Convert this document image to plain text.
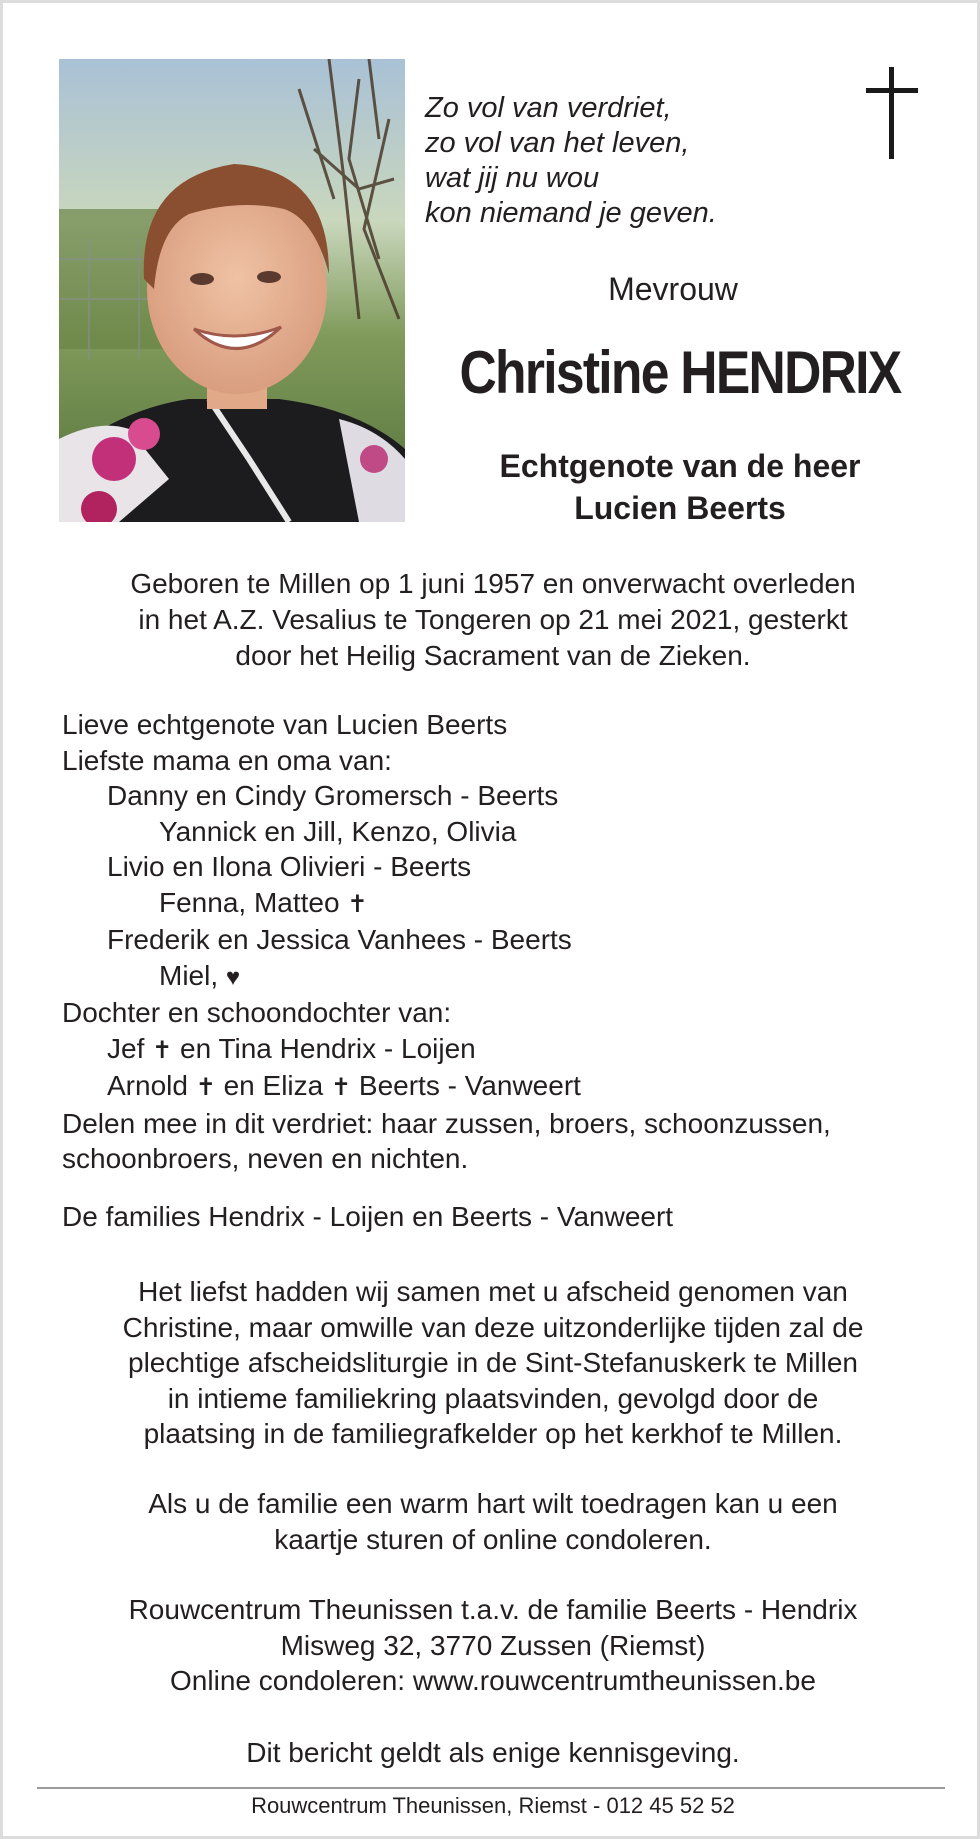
Zo vol van verdriet,
zo vol van het leven,
wat jij nu wou
kon niemand je geven.
Mevrouw
Christine HENDRIX
Echtgenote van de heer
Lucien Beerts
Geboren te Millen op 1 juni 1957 en onverwacht overleden
in het A.Z. Vesalius te Tongeren op 21 mei 2021, gesterkt
door het Heilig Sacrament van de Zieken.
Lieve echtgenote van Lucien Beerts
Liefste mama en oma van:
Danny en Cindy Gromersch - Beerts
Yannick en Jill, Kenzo, Olivia
Livio en Ilona Olivieri - Beerts
Fenna, Matteo ✝
Frederik en Jessica Vanhees - Beerts
Miel, ♥
Dochter en schoondochter van:
Jef ✝ en Tina Hendrix - Loijen
Arnold ✝ en Eliza ✝ Beerts - Vanweert
Delen mee in dit verdriet: haar zussen, broers, schoonzussen,
schoonbroers, neven en nichten.
De families Hendrix - Loijen en Beerts - Vanweert
Het liefst hadden wij samen met u afscheid genomen van
Christine, maar omwille van deze uitzonderlijke tijden zal de
plechtige afscheidsliturgie in de Sint-Stefanuskerk te Millen
in intieme familiekring plaatsvinden, gevolgd door de
plaatsing in de familiegrafkelder op het kerkhof te Millen.
Als u de familie een warm hart wilt toedragen kan u een
kaartje sturen of online condoleren.
Rouwcentrum Theunissen t.a.v. de familie Beerts - Hendrix
Misweg 32, 3770 Zussen (Riemst)
Online condoleren: www.rouwcentrumtheunissen.be
Dit bericht geldt als enige kennisgeving.
Rouwcentrum Theunissen, Riemst - 012 45 52 52
